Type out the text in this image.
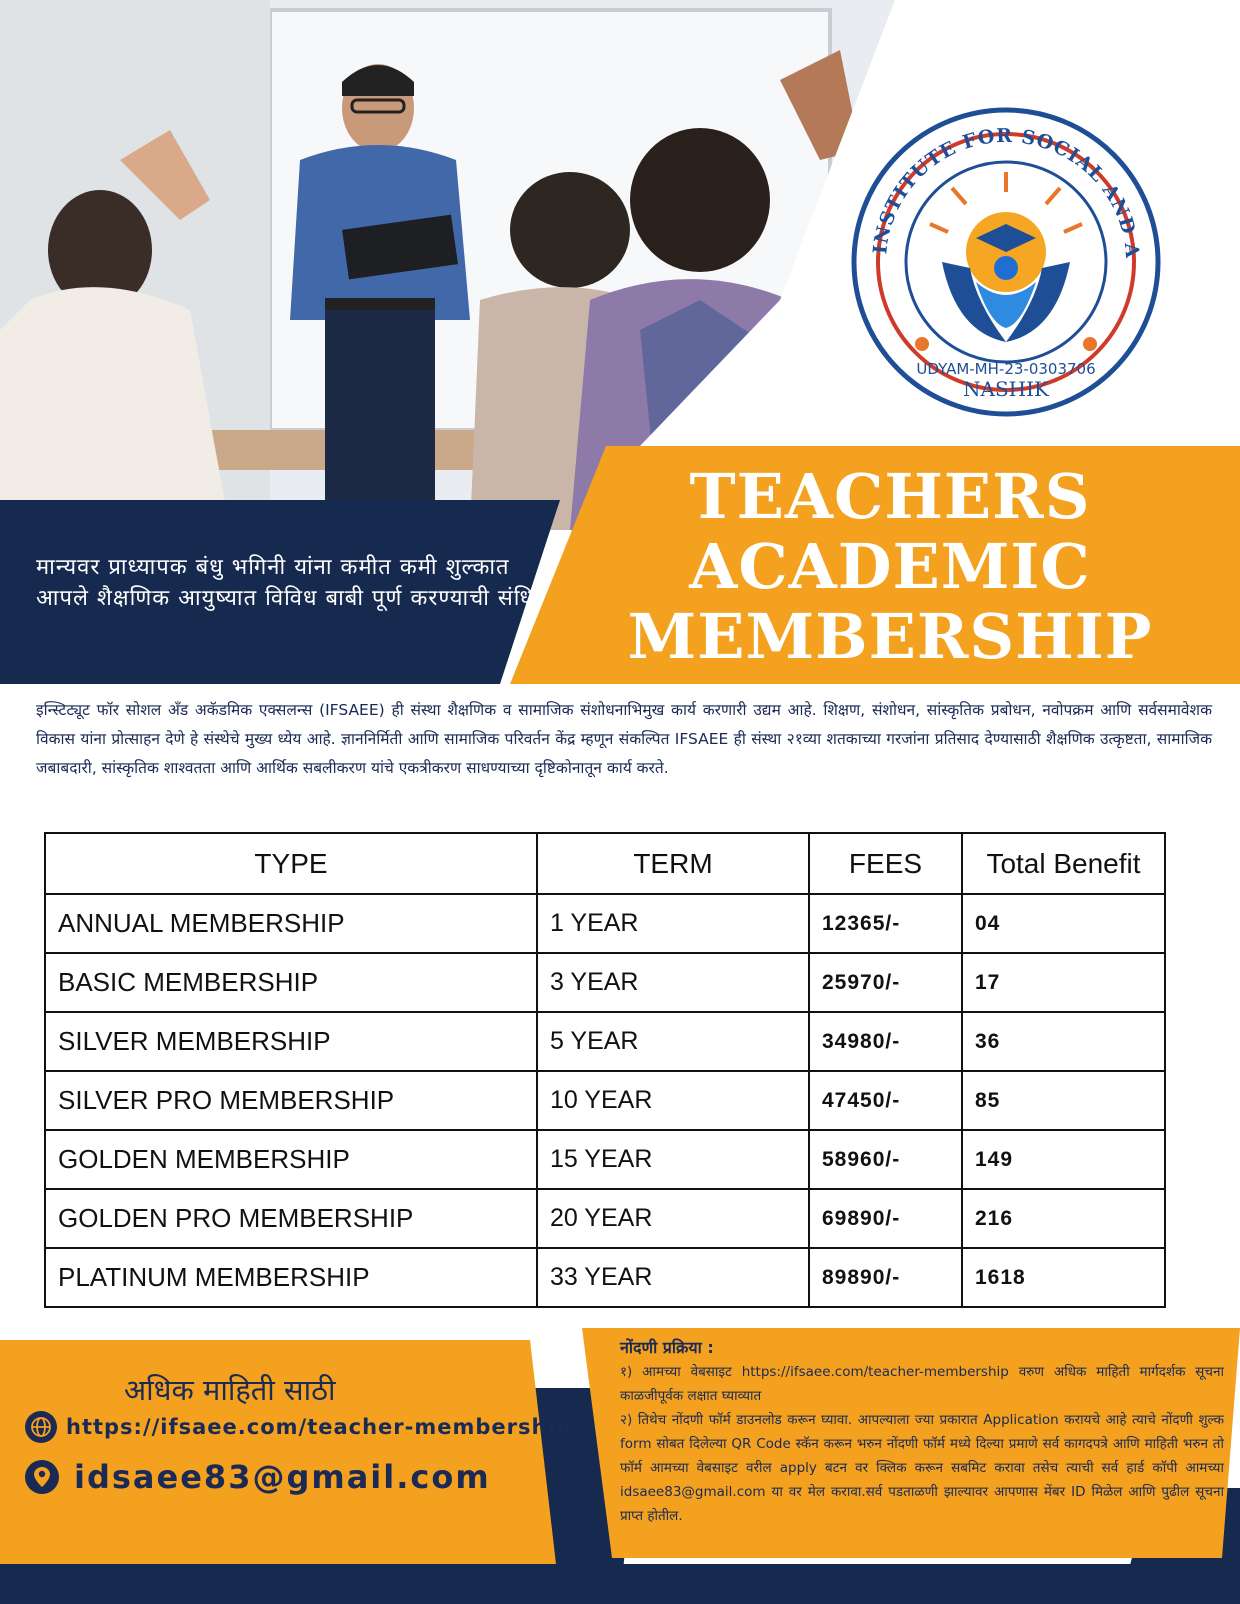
INSTITUTE FOR SOCIAL AND A
UDYAM-MH-23-0303706
NASHIK
मान्यवर प्राध्यापक बंधु भगिनी यांना कमीत कमी शुल्कात आपले शैक्षणिक आयुष्यात विविध बाबी पूर्ण करण्याची संधि
TEACHERS
ACADEMIC
MEMBERSHIP
इन्स्टिट्यूट फॉर सोशल अँड अकॅडमिक एक्सलन्स (IFSAEE) ही संस्था शैक्षणिक व सामाजिक संशोधनाभिमुख कार्य करणारी उद्यम आहे. शिक्षण, संशोधन, सांस्कृतिक प्रबोधन, नवोपक्रम आणि सर्वसमावेशक विकास यांना प्रोत्साहन देणे हे संस्थेचे मुख्य ध्येय आहे. ज्ञाननिर्मिती आणि सामाजिक परिवर्तन केंद्र म्हणून संकल्पित IFSAEE ही संस्था २१व्या शतकाच्या गरजांना प्रतिसाद देण्यासाठी शैक्षणिक उत्कृष्टता, सामाजिक जबाबदारी, सांस्कृतिक शाश्वतता आणि आर्थिक सबलीकरण यांचे एकत्रीकरण साधण्याच्या दृष्टिकोनातून कार्य करते.
TYPE	TERM	FEES	Total Benefit
ANNUAL MEMBERSHIP	1 YEAR	12365/-	04
BASIC MEMBERSHIP	3 YEAR	25970/-	17
SILVER MEMBERSHIP	5 YEAR	34980/-	36
SILVER PRO MEMBERSHIP	10 YEAR	47450/-	85
GOLDEN MEMBERSHIP	15 YEAR	58960/-	149
GOLDEN PRO MEMBERSHIP	20 YEAR	69890/-	216
PLATINUM MEMBERSHIP	33 YEAR	89890/-	1618
अधिक माहिती साठी
https://ifsaee.com/teacher-membership
idsaee83@gmail.com
नोंदणी प्रक्रिया :

१) आमच्या वेबसाइट https://ifsaee.com/teacher-membership वरुण अधिक माहिती मार्गदर्शक सूचना काळजीपूर्वक लक्षात घ्याव्यात

२) तिथेच नोंदणी फॉर्म डाउनलोड करून घ्यावा. आपल्याला ज्या प्रकारात Application करायचे आहे त्याचे नोंदणी शुल्क form सोबत दिलेल्या QR Code स्कॅन करून भरुन नोंदणी फॉर्म मध्ये दिल्या प्रमाणे सर्व कागदपत्रे आणि माहिती भरुन तो फॉर्म आमच्या वेबसाइट वरील apply बटन वर क्लिक करून सबमिट करावा तसेच त्याची सर्व हार्ड कॉपी आमच्या idsaee83@gmail.com या वर मेल करावा.सर्व पडताळणी झाल्यावर आपणास मेंबर ID मिळेल आणि पुढील सूचना प्राप्त होतील.
